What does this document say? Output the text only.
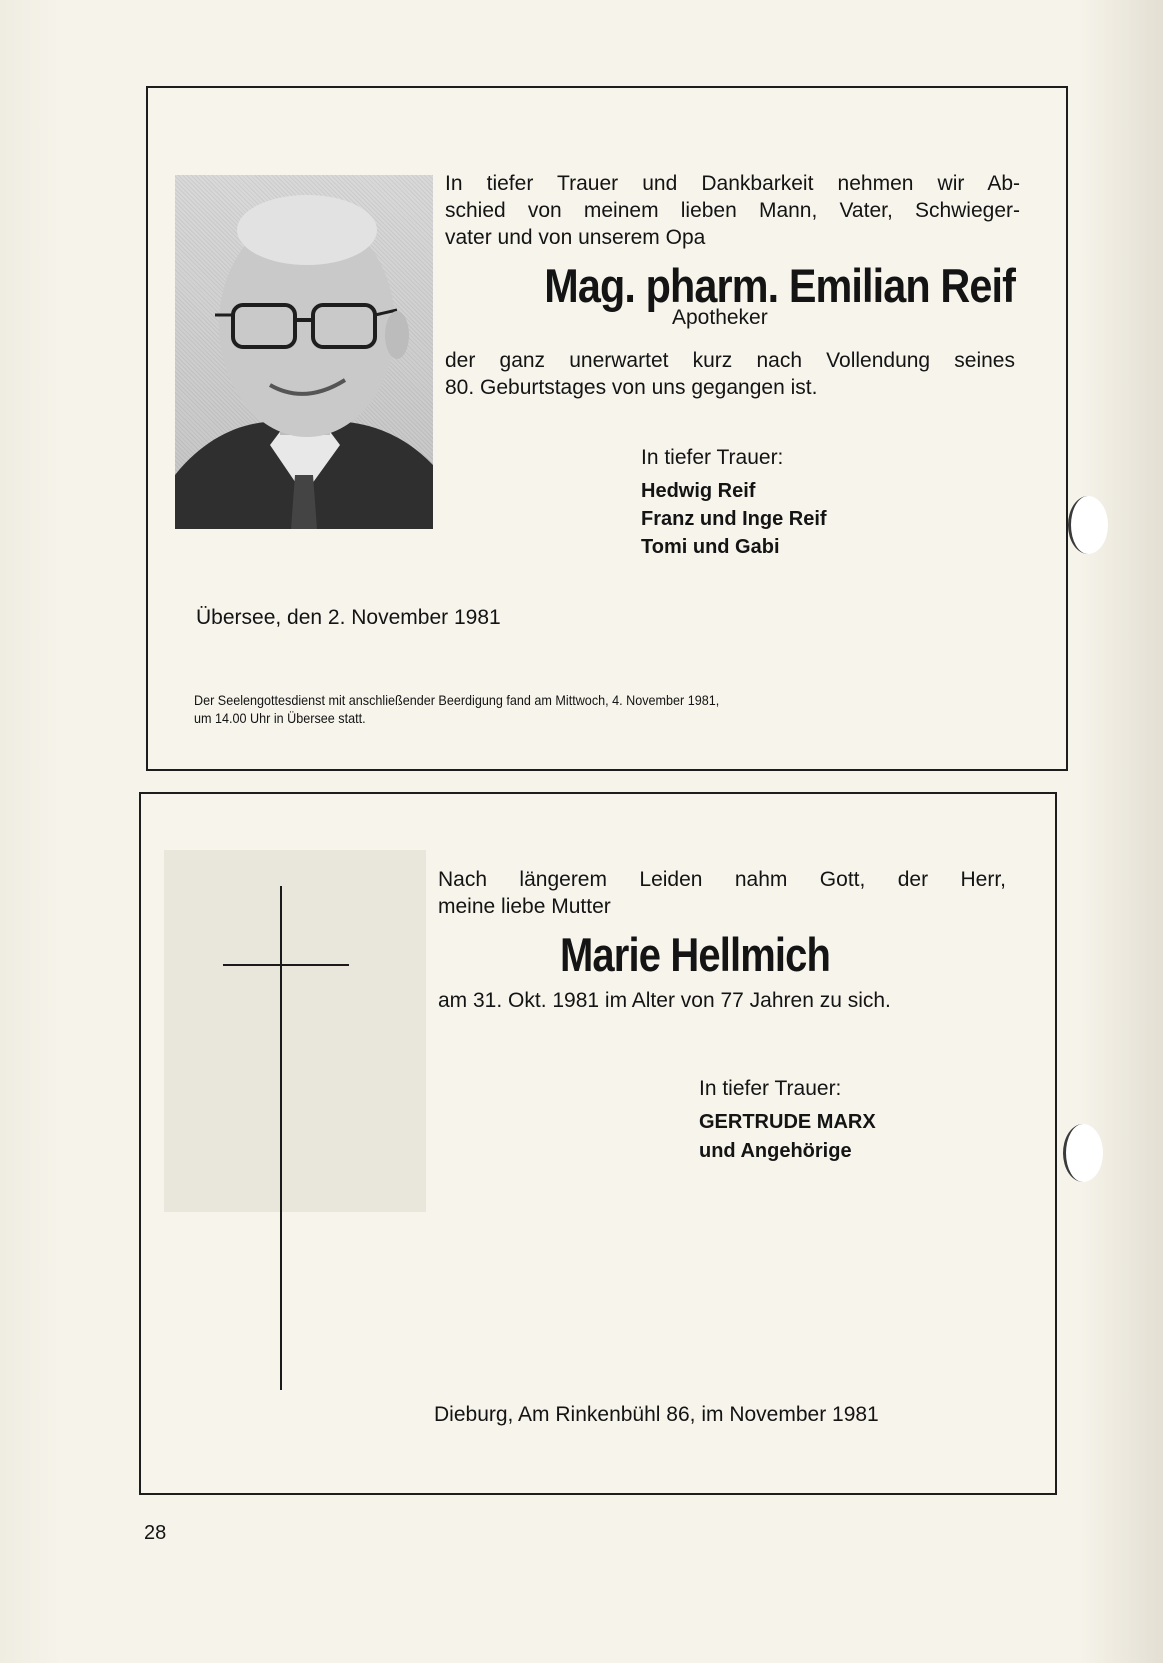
In tiefer Trauer und Dankbarkeit nehmen wir Ab-
schied von meinem lieben Mann, Vater, Schwieger-
vater und von unserem Opa
Mag. pharm. Emilian Reif
Apotheker
der ganz unerwartet kurz nach Vollendung seines
80. Geburtstages von uns gegangen ist.
In tiefer Trauer:
Hedwig Reif
Franz und Inge Reif
Tomi und Gabi
Übersee, den 2. November 1981
Der Seelengottesdienst mit anschließender Beerdigung fand am Mittwoch, 4. November 1981,
um 14.00 Uhr in Übersee statt.
Nach längerem Leiden nahm Gott, der Herr,
meine liebe Mutter
Marie Hellmich
am 31. Okt. 1981 im Alter von 77 Jahren zu sich.
In tiefer Trauer:
GERTRUDE MARX
und Angehörige
Dieburg, Am Rinkenbühl 86, im November 1981
28
